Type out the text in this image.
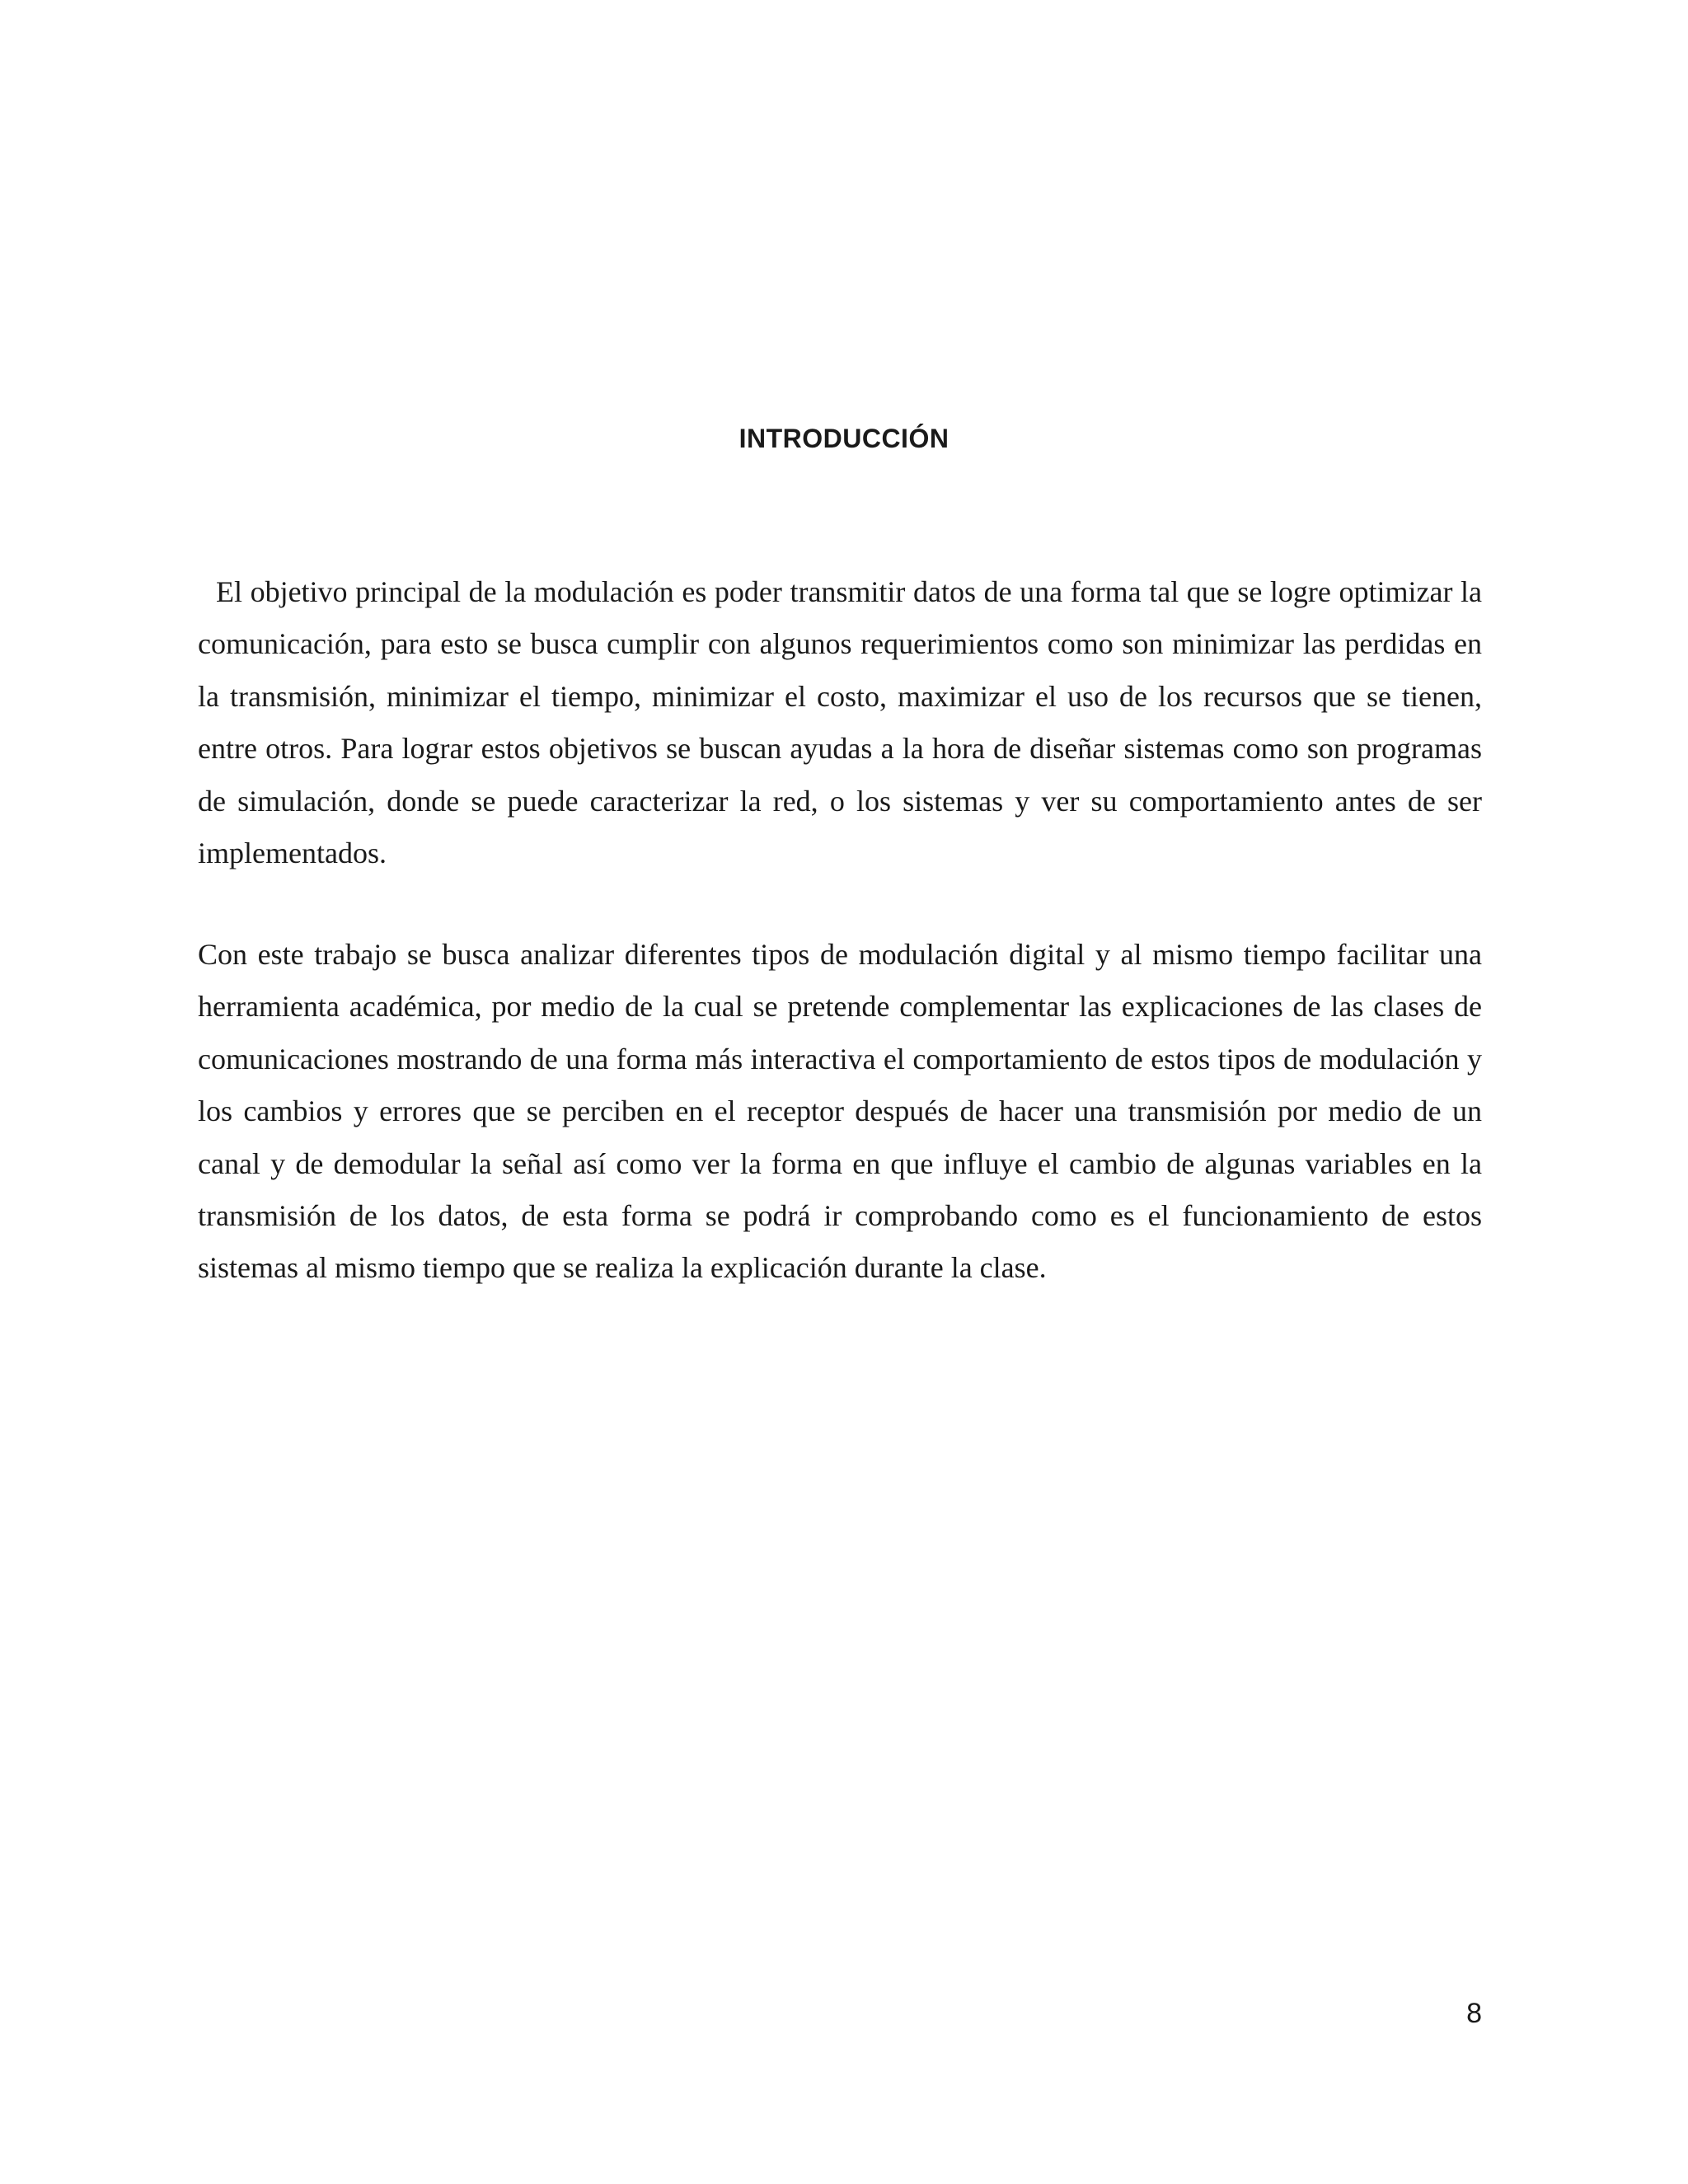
INTRODUCCIÓN

El objetivo principal de la modulación es poder transmitir datos de una forma tal que se logre optimizar la comunicación, para esto se busca cumplir con algunos requerimientos como son minimizar las perdidas en la transmisión, minimizar el tiempo, minimizar el costo, maximizar el uso de los recursos que se tienen, entre otros. Para lograr estos objetivos se buscan ayudas a la hora de diseñar sistemas como son programas de simulación, donde se puede caracterizar la red, o los sistemas y ver su comportamiento antes de ser implementados.

Con este trabajo se busca analizar diferentes tipos de modulación digital y al mismo tiempo facilitar una herramienta académica, por medio de la cual se pretende complementar las explicaciones de las clases de comunicaciones mostrando de una forma más interactiva el comportamiento de estos tipos de modulación y los cambios y errores que se perciben en el receptor después de hacer una transmisión por medio de un canal y de demodular la señal así como ver la forma en que influye el cambio de algunas variables en la transmisión de los datos, de esta forma se podrá ir comprobando como es el funcionamiento de estos sistemas al mismo tiempo que se realiza la explicación durante la clase.

8
